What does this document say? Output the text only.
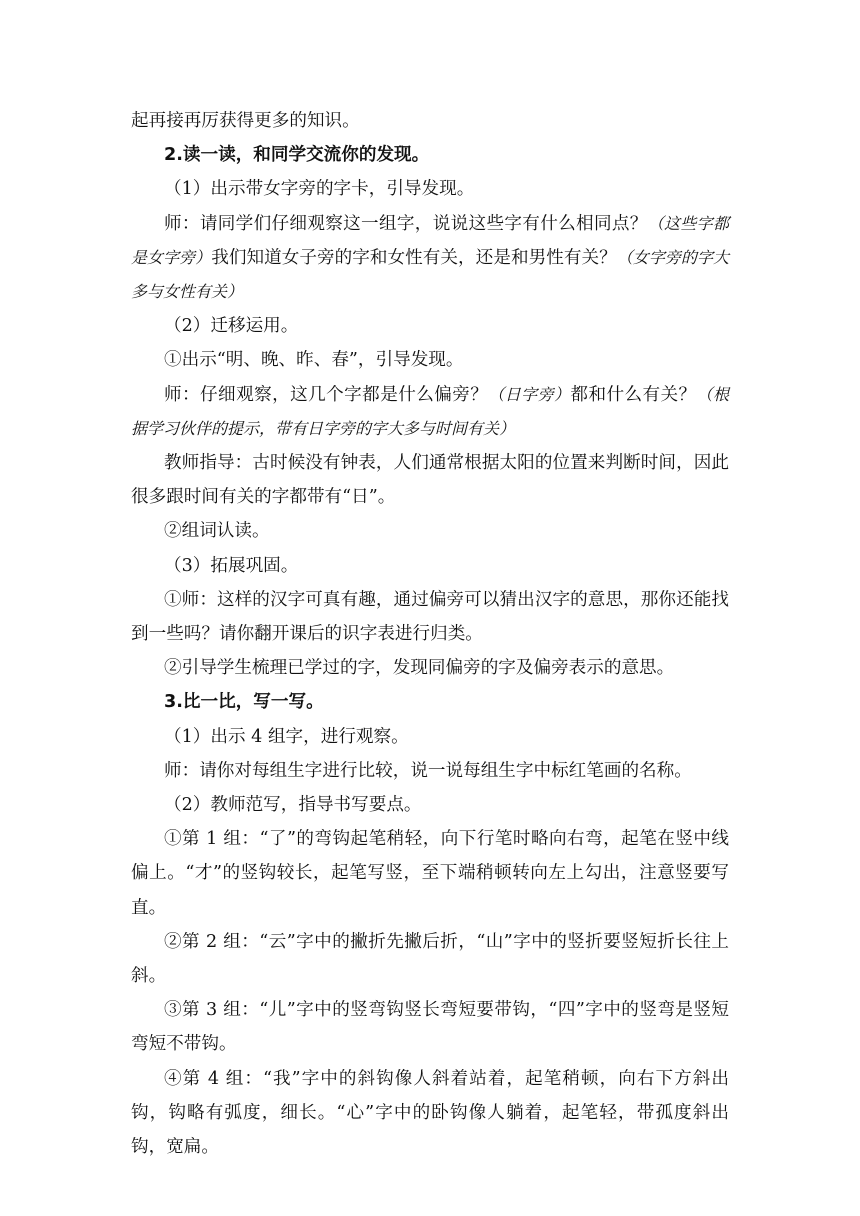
起再接再厉获得更多的知识。

2.读一读，和同学交流你的发现。

（1）出示带女字旁的字卡，引导发现。

师：请同学们仔细观察这一组字，说说这些字有什么相同点？（这些字都是女字旁）我们知道女子旁的字和女性有关，还是和男性有关？（女字旁的字大多与女性有关）

（2）迁移运用。

①出示“明、晚、昨、春”，引导发现。

师：仔细观察，这几个字都是什么偏旁？（日字旁）都和什么有关？（根据学习伙伴的提示，带有日字旁的字大多与时间有关）

教师指导：古时候没有钟表，人们通常根据太阳的位置来判断时间，因此很多跟时间有关的字都带有“日”。

②组词认读。

（3）拓展巩固。

①师：这样的汉字可真有趣，通过偏旁可以猜出汉字的意思，那你还能找到一些吗？请你翻开课后的识字表进行归类。

②引导学生梳理已学过的字，发现同偏旁的字及偏旁表示的意思。

3.比一比，写一写。

（1）出示 4 组字，进行观察。

师：请你对每组生字进行比较，说一说每组生字中标红笔画的名称。

（2）教师范写，指导书写要点。

①第 1 组：“了”的弯钩起笔稍轻，向下行笔时略向右弯，起笔在竖中线偏上。“才”的竖钩较长，起笔写竖，至下端稍顿转向左上勾出，注意竖要写直。

②第 2 组：“云”字中的撇折先撇后折，“山”字中的竖折要竖短折长往上斜。

③第 3 组：“儿”字中的竖弯钩竖长弯短要带钩，“四”字中的竖弯是竖短弯短不带钩。

④第 4 组：“我”字中的斜钩像人斜着站着，起笔稍顿，向右下方斜出钩，钩略有弧度，细长。“心”字中的卧钩像人躺着，起笔轻，带孤度斜出钩，宽扁。
